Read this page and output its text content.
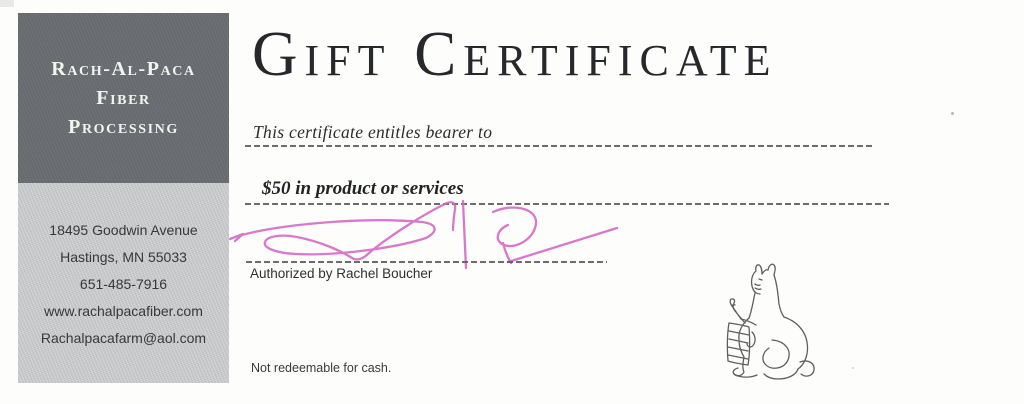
Rach-Al-Paca
Fiber
Processing
18495 Goodwin Avenue
Hastings, MN 55033
651-485-7916
www.rachalpacafiber.com
Rachalpacafarm@aol.com
Gift Certificate
This certificate entitles bearer to
$50 in product or services
Authorized by Rachel Boucher
Not redeemable for cash.
